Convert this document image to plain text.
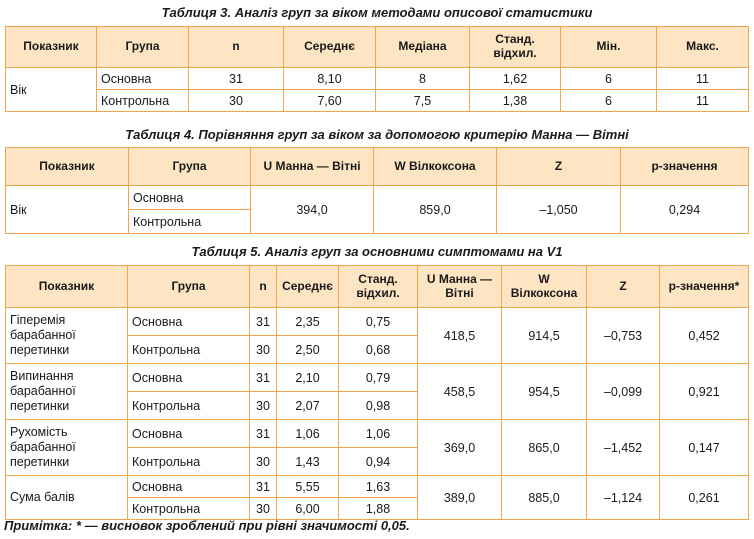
Таблиця 3. Аналіз груп за віком методами описової статистики
Показник	Група	n	Середнє	Медіана	Станд. відхил.	Мін.	Макс.
Вік	Основна	31	8,10	8	1,62	6	11
	Контрольна	30	7,60	7,5	1,38	6	11
Таблиця 4. Порівняння груп за віком за допомогою критерію Манна — Вітні
Показник	Група	U Манна — Вітні	W Вілкоксона	Z	р-значення
Вік	Основна	394,0	859,0	–1,050	0,294
	Контрольна				
Таблиця 5. Аналіз груп за основними симптомами на V1
Показник	Група	n	Середнє	Станд. відхил.	U Манна — Вітні	W Вілкоксона	Z	р-значення*
Гіперемія барабанної перетинки	Основна	31	2,35	0,75	418,5	914,5	–0,753	0,452
	Контрольна	30	2,50	0,68				
Випинання барабанної перетинки	Основна	31	2,10	0,79	458,5	954,5	–0,099	0,921
	Контрольна	30	2,07	0,98				
Рухомість барабанної перетинки	Основна	31	1,06	1,06	369,0	865,0	–1,452	0,147
	Контрольна	30	1,43	0,94				
Сума балів	Основна	31	5,55	1,63	389,0	885,0	–1,124	0,261
	Контрольна	30	6,00	1,88				
Примітка: * — висновок зроблений при рівні значимості 0,05.
